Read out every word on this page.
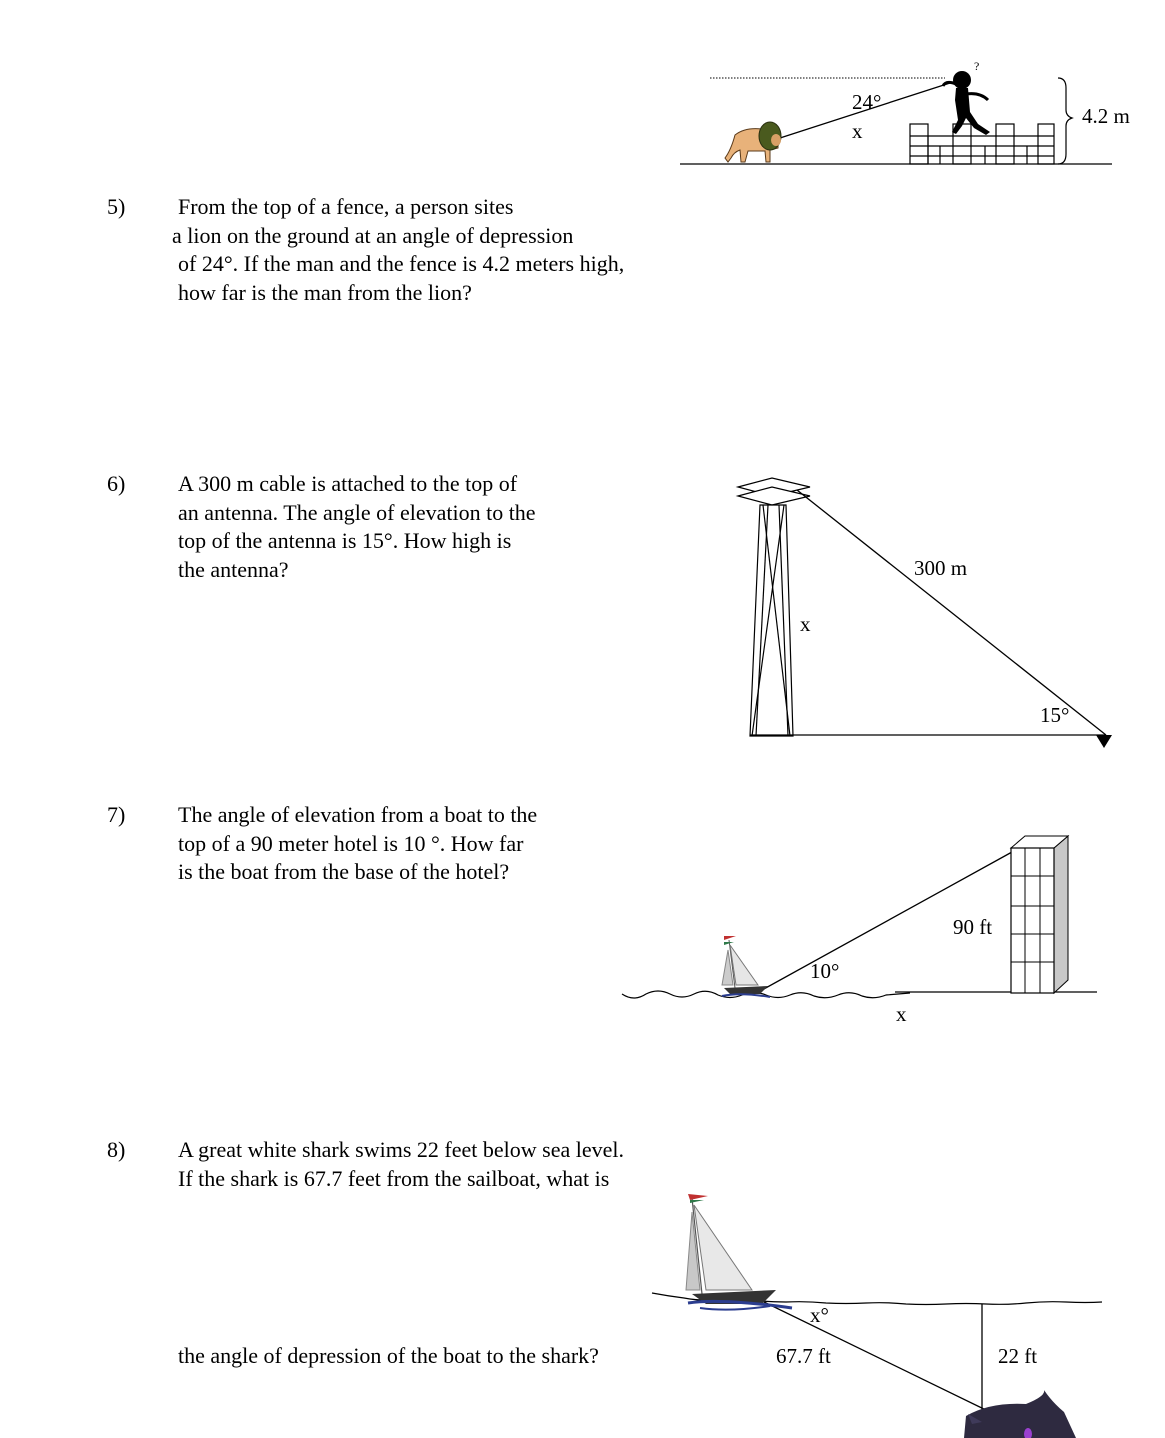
5) From the top of a fence, a person sites
a lion on the ground at an angle of depression
of 24°. If the man and the fence is 4.2 meters high,
how far is the man from the lion?
6) A 300 m cable is attached to the top of
an antenna. The angle of elevation to the
top of the antenna is 15°. How high is
the antenna?
7) The angle of elevation from a boat to the
top of a 90 meter hotel is 10 °. How far
is the boat from the base of the hotel?
8) A great white shark swims 22 feet below sea level.
If the shark is 67.7 feet from the sailboat, what is
the angle of depression of the boat to the shark?
?
24°
x
4.2 m
300 m
x
15°
90 ft
10°
x
x°
67.7 ft	22 ft
